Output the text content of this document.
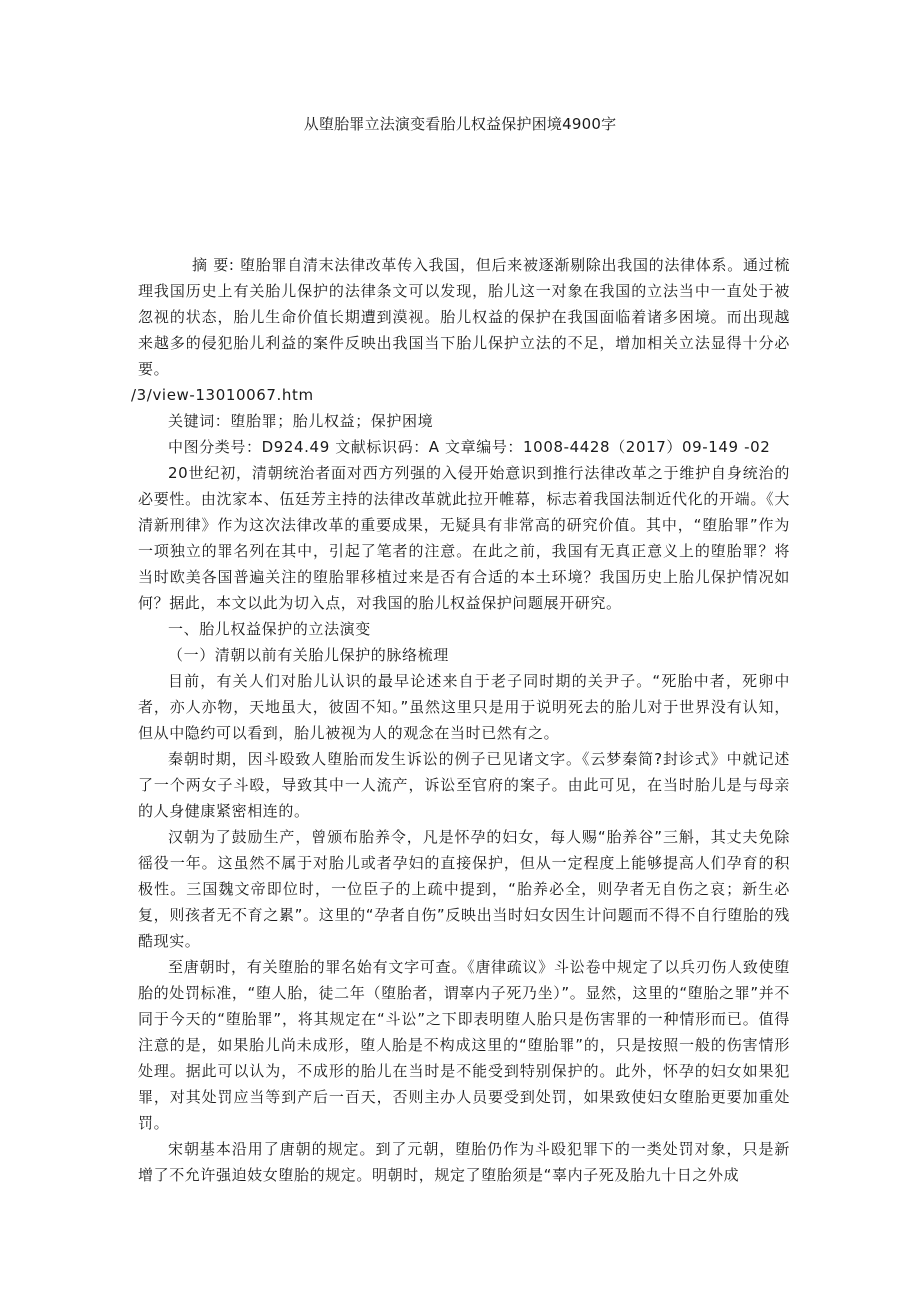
从堕胎罪立法演变看胎儿权益保护困境4900字

摘 要: 堕胎罪自清末法律改革传入我国，但后来被逐渐剔除出我国的法律体系。通过梳理我国历史上有关胎儿保护的法律条文可以发现，胎儿这一对象在我国的立法当中一直处于被忽视的状态，胎儿生命价值长期遭到漠视。胎儿权益的保护在我国面临着诸多困境。而出现越来越多的侵犯胎儿利益的案件反映出我国当下胎儿保护立法的不足，增加相关立法显得十分必要。

/3/view-13010067.htm

关键词：堕胎罪；胎儿权益；保护困境

中图分类号：D924.49 文献标识码：A 文章编号：1008-4428（2017）09-149 -02

20世纪初，清朝统治者面对西方列强的入侵开始意识到推行法律改革之于维护自身统治的必要性。由沈家本、伍廷芳主持的法律改革就此拉开帷幕，标志着我国法制近代化的开端。《大清新刑律》作为这次法律改革的重要成果，无疑具有非常高的研究价值。其中，“堕胎罪”作为一项独立的罪名列在其中，引起了笔者的注意。在此之前，我国有无真正意义上的堕胎罪？将当时欧美各国普遍关注的堕胎罪移植过来是否有合适的本土环境？我国历史上胎儿保护情况如何？据此，本文以此为切入点，对我国的胎儿权益保护问题展开研究。

一、胎儿权益保护的立法演变

（一）清朝以前有关胎儿保护的脉络梳理

目前，有关人们对胎儿认识的最早论述来自于老子同时期的关尹子。“死胎中者，死卵中者，亦人亦物，天地虽大，彼固不知。”虽然这里只是用于说明死去的胎儿对于世界没有认知，但从中隐约可以看到，胎儿被视为人的观念在当时已然有之。

秦朝时期，因斗殴致人堕胎而发生诉讼的例子已见诸文字。《云梦秦简?封诊式》中就记述了一个两女子斗殴，导致其中一人流产，诉讼至官府的案子。由此可见，在当时胎儿是与母亲的人身健康紧密相连的。

汉朝为了鼓励生产，曾颁布胎养令，凡是怀孕的妇女，每人赐“胎养谷”三斛，其丈夫免除徭役一年。这虽然不属于对胎儿或者孕妇的直接保护，但从一定程度上能够提高人们孕育的积极性。三国魏文帝即位时，一位臣子的上疏中提到，“胎养必全，则孕者无自伤之哀；新生必复，则孩者无不育之累”。这里的“孕者自伤”反映出当时妇女因生计问题而不得不自行堕胎的残酷现实。

至唐朝时，有关堕胎的罪名始有文字可查。《唐律疏议》斗讼卷中规定了以兵刃伤人致使堕胎的处罚标准，“堕人胎，徒二年（堕胎者，谓辜内子死乃坐）”。显然，这里的“堕胎之罪”并不同于今天的“堕胎罪”，将其规定在“斗讼”之下即表明堕人胎只是伤害罪的一种情形而已。值得注意的是，如果胎儿尚未成形，堕人胎是不构成这里的“堕胎罪”的，只是按照一般的伤害情形处理。据此可以认为，不成形的胎儿在当时是不能受到特别保护的。此外，怀孕的妇女如果犯罪，对其处罚应当等到产后一百天，否则主办人员要受到处罚，如果致使妇女堕胎更要加重处罚。

宋朝基本沿用了唐朝的规定。到了元朝，堕胎仍作为斗殴犯罪下的一类处罚对象，只是新增了不允许强迫妓女堕胎的规定。明朝时，规定了堕胎须是“辜内子死及胎九十日之外成
